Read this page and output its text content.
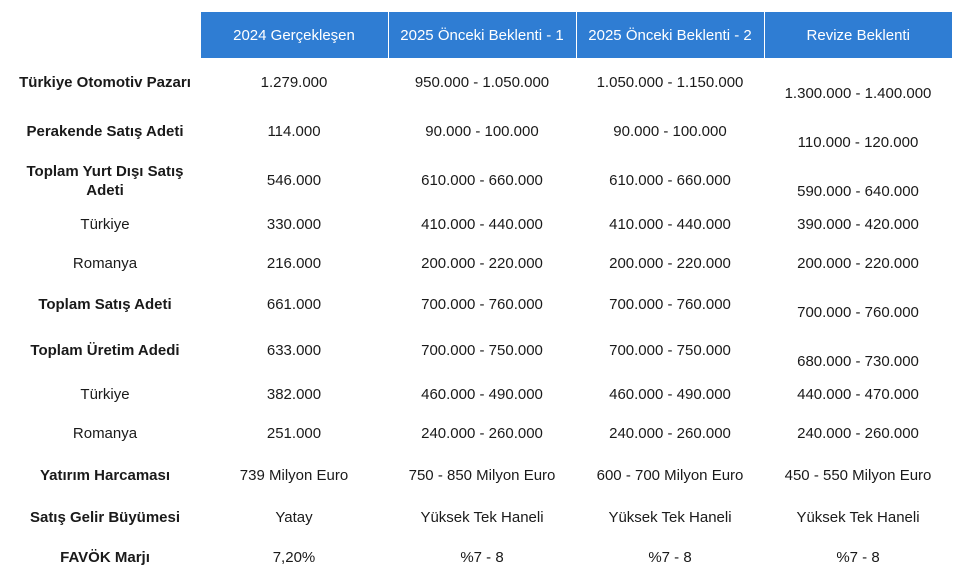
	2024 Gerçekleşen	2025 Önceki Beklenti - 1	2025 Önceki Beklenti - 2	Revize Beklenti
Türkiye Otomotiv Pazarı	1.279.000	950.000 - 1.050.000	1.050.000 - 1.150.000	1.300.000 - 1.400.000
Perakende Satış Adeti	114.000	90.000 - 100.000	90.000 - 100.000	110.000 - 120.000
Toplam Yurt Dışı Satış Adeti	546.000	610.000 - 660.000	610.000 - 660.000	590.000 - 640.000
Türkiye	330.000	410.000 - 440.000	410.000 - 440.000	390.000 - 420.000
Romanya	216.000	200.000 - 220.000	200.000 - 220.000	200.000 - 220.000
Toplam Satış Adeti	661.000	700.000 - 760.000	700.000 - 760.000	700.000 - 760.000
Toplam Üretim Adedi	633.000	700.000 - 750.000	700.000 - 750.000	680.000 - 730.000
Türkiye	382.000	460.000 - 490.000	460.000 - 490.000	440.000 - 470.000
Romanya	251.000	240.000 - 260.000	240.000 - 260.000	240.000 - 260.000
Yatırım Harcaması	739 Milyon Euro	750 - 850 Milyon Euro	600 - 700 Milyon Euro	450 - 550 Milyon Euro
Satış Gelir Büyümesi	Yatay	Yüksek Tek Haneli	Yüksek Tek Haneli	Yüksek Tek Haneli
FAVÖK Marjı	7,20%	%7 - 8	%7 - 8	%7 - 8
